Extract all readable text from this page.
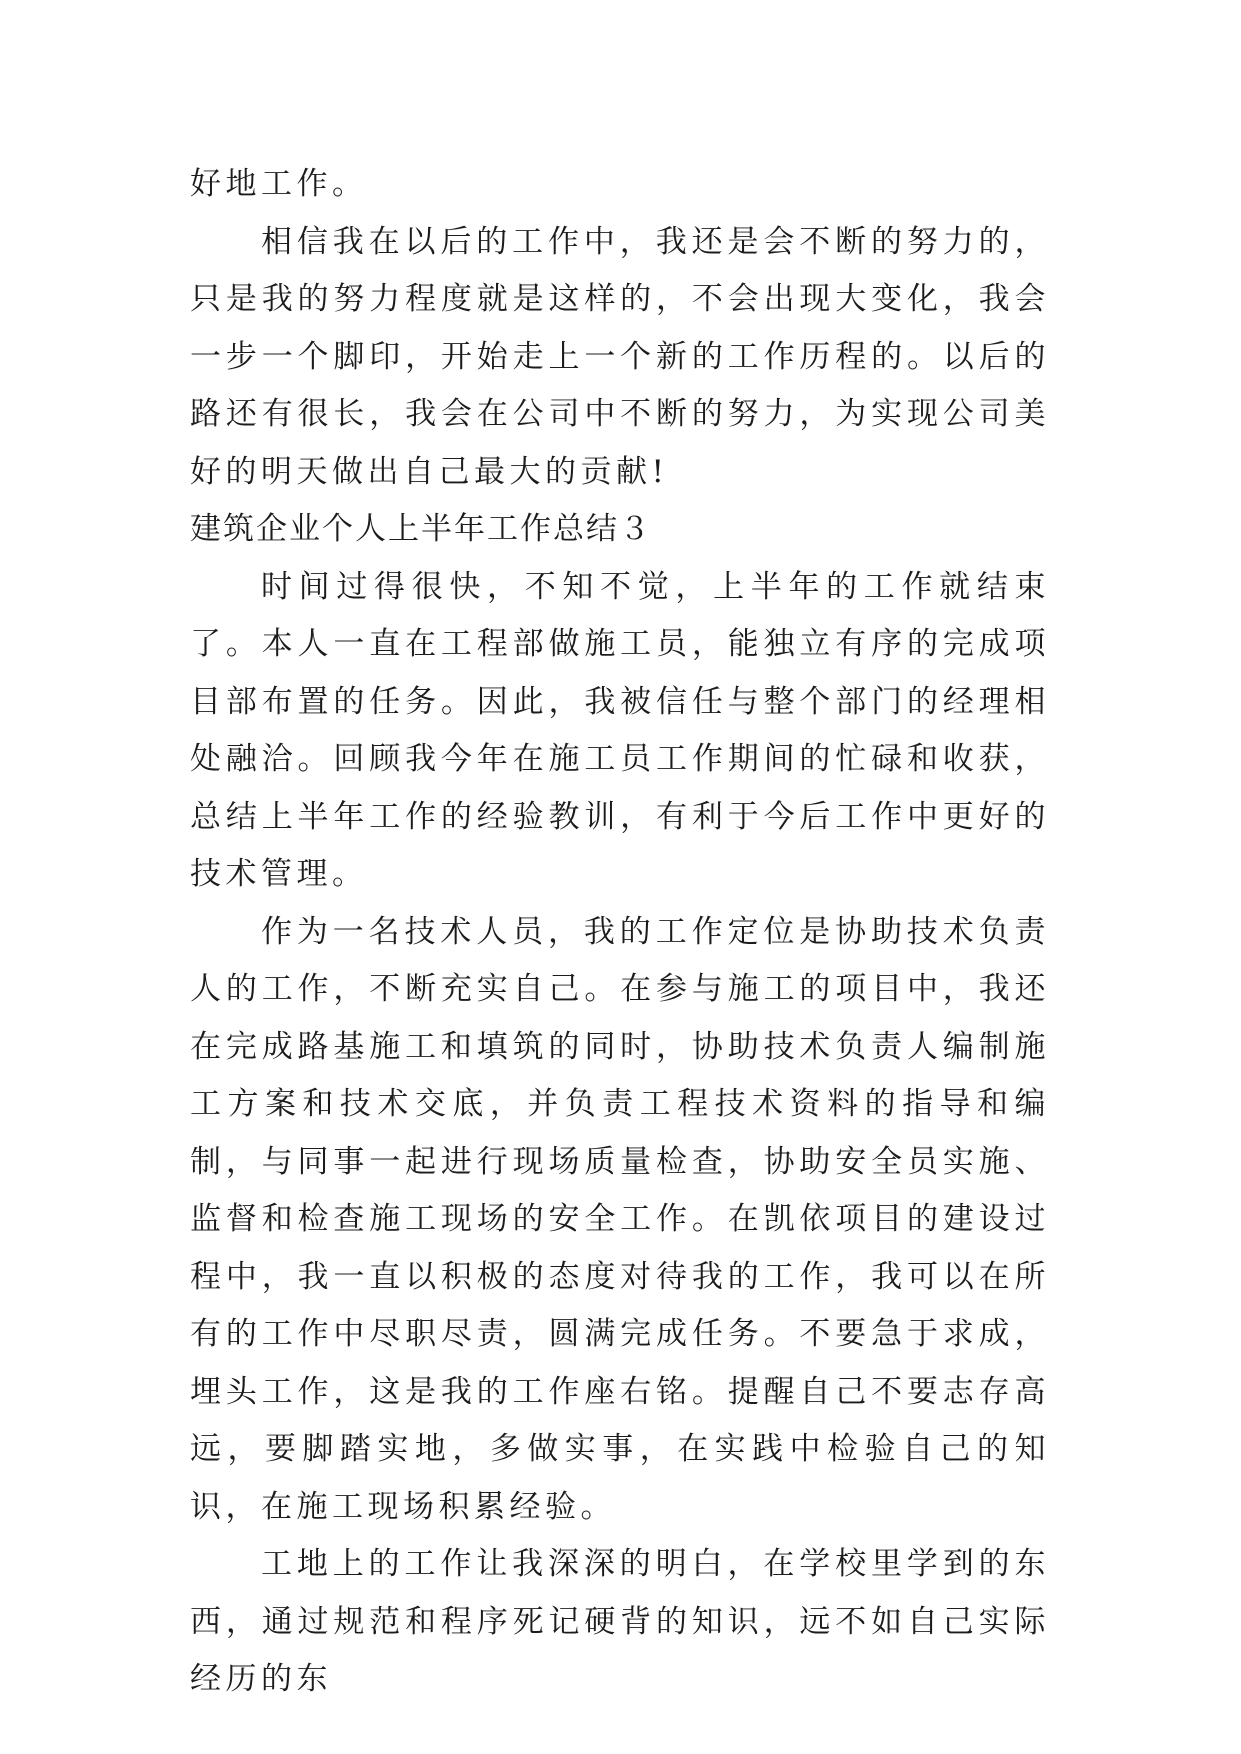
好地工作。

相信我在以后的工作中，我还是会不断的努力的，只是我的努力程度就是这样的，不会出现大变化，我会一步一个脚印，开始走上一个新的工作历程的。以后的路还有很长，我会在公司中不断的努力，为实现公司美好的明天做出自己最大的贡献!

建筑企业个人上半年工作总结３

时间过得很快，不知不觉，上半年的工作就结束了。本人一直在工程部做施工员，能独立有序的完成项目部布置的任务。因此，我被信任与整个部门的经理相处融洽。回顾我今年在施工员工作期间的忙碌和收获，总结上半年工作的经验教训，有利于今后工作中更好的技术管理。

作为一名技术人员，我的工作定位是协助技术负责人的工作，不断充实自己。在参与施工的项目中，我还在完成路基施工和填筑的同时，协助技术负责人编制施工方案和技术交底，并负责工程技术资料的指导和编制，与同事一起进行现场质量检查，协助安全员实施、监督和检查施工现场的安全工作。在凯依项目的建设过程中，我一直以积极的态度对待我的工作，我可以在所有的工作中尽职尽责，圆满完成任务。不要急于求成，埋头工作，这是我的工作座右铭。提醒自己不要志存高远，要脚踏实地，多做实事，在实践中检验自己的知识，在施工现场积累经验。

工地上的工作让我深深的明白，在学校里学到的东西，通过规范和程序死记硬背的知识，远不如自己实际经历的东
